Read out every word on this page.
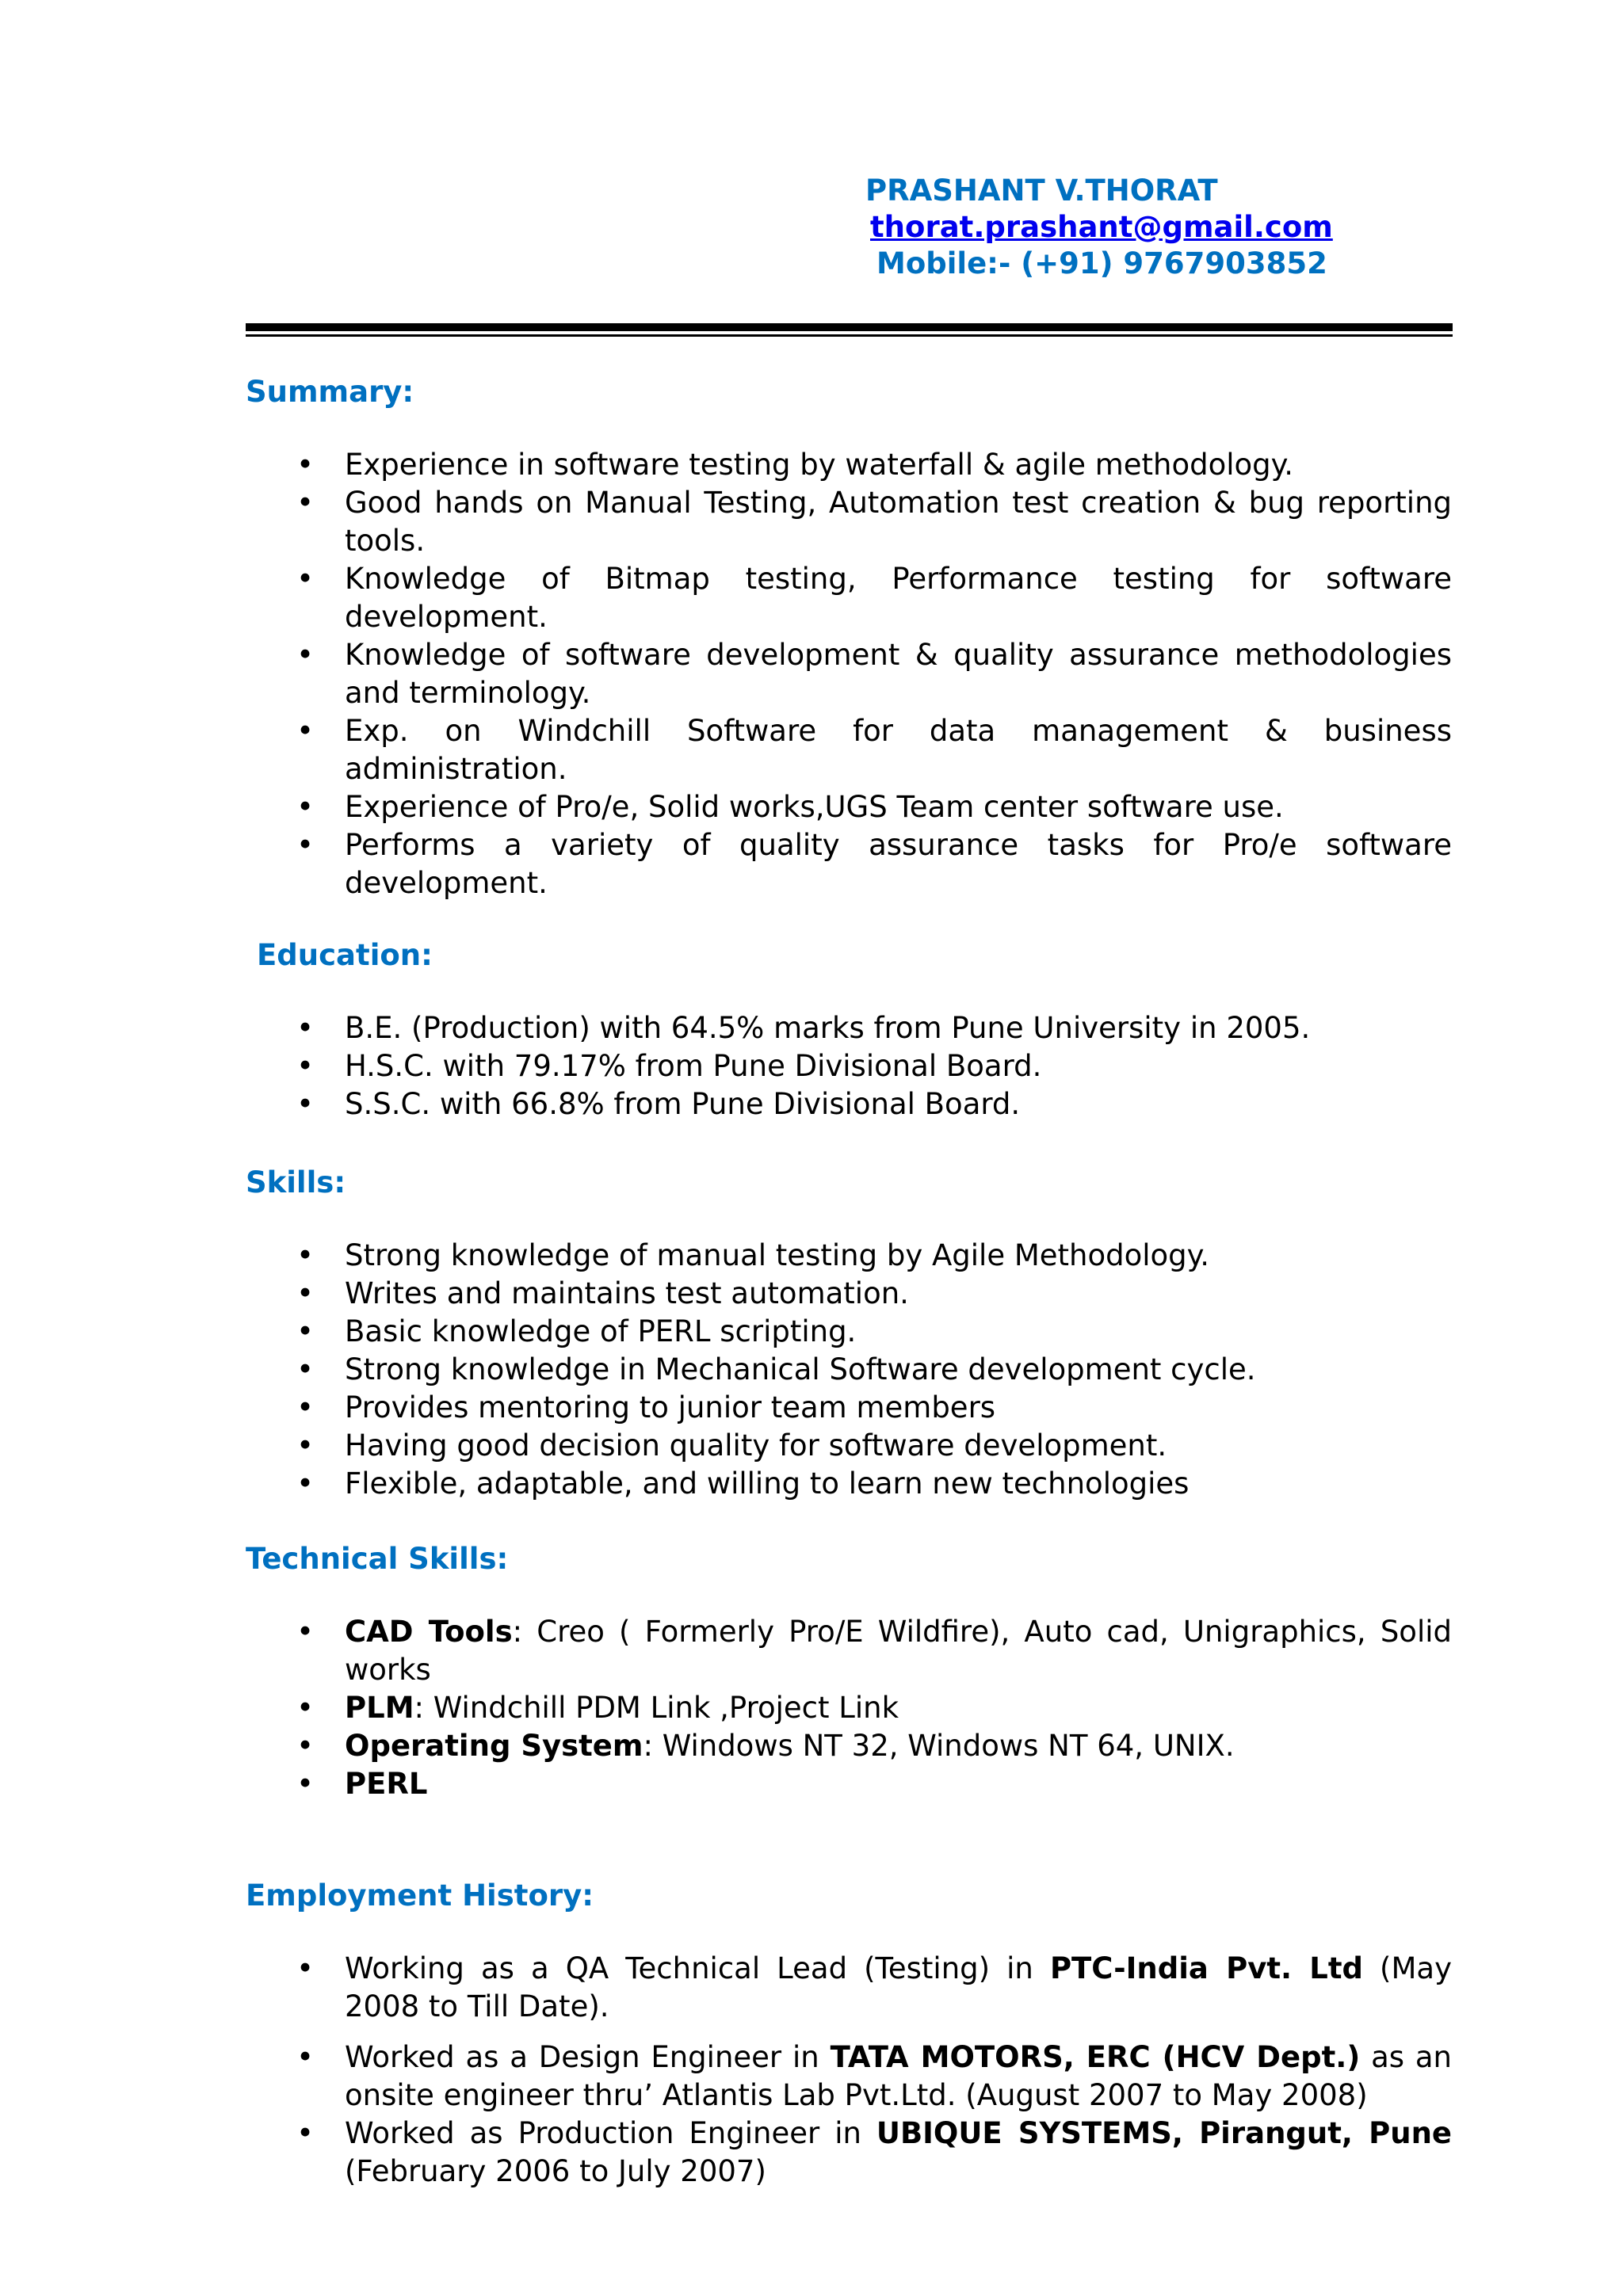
PRASHANT V.THORAT
thorat.prashant@gmail.com
Mobile:- (+91) 9767903852
Summary:
• Experience in software testing by waterfall & agile methodology.
• Good hands on Manual Testing, Automation test creation & bug reporting tools.
• Knowledge of Bitmap testing, Performance testing for software development.
• Knowledge of software development & quality assurance methodologies and terminology.
• Exp. on Windchill Software for data management & business administration.
• Experience of Pro/e, Solid works,UGS Team center software use.
• Performs a variety of quality assurance tasks for Pro/e software development.
Education:
• B.E. (Production) with 64.5% marks from Pune University in 2005.
• H.S.C. with 79.17% from Pune Divisional Board.
• S.S.C. with 66.8% from Pune Divisional Board.
Skills:
• Strong knowledge of manual testing by Agile Methodology.
• Writes and maintains test automation.
• Basic knowledge of PERL scripting.
• Strong knowledge in Mechanical Software development cycle.
• Provides mentoring to junior team members
• Having good decision quality for software development.
• Flexible, adaptable, and willing to learn new technologies
Technical Skills:
• CAD Tools: Creo ( Formerly Pro/E Wildfire), Auto cad, Unigraphics, Solid works
• PLM: Windchill PDM Link ,Project Link
• Operating System: Windows NT 32, Windows NT 64, UNIX.
• PERL
Employment History:
• Working as a QA Technical Lead (Testing) in PTC-India Pvt. Ltd (May 2008 to Till Date).
• Worked as a Design Engineer in TATA MOTORS, ERC (HCV Dept.) as an onsite engineer thru’ Atlantis Lab Pvt.Ltd. (August 2007 to May 2008)
• Worked as Production Engineer in UBIQUE SYSTEMS, Pirangut, Pune (February 2006 to July 2007)
